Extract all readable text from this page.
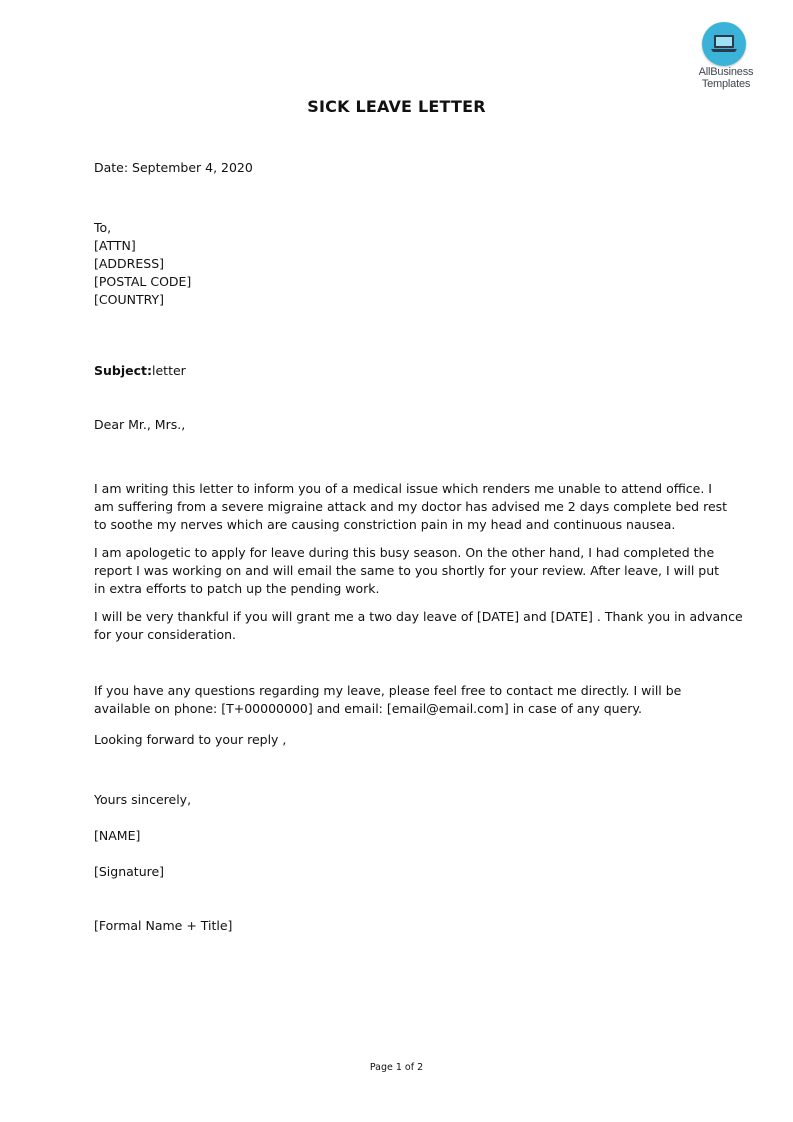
AllBusiness
Templates
SICK LEAVE LETTER
Date: September 4, 2020
To,
[ATTN]
[ADDRESS]
[POSTAL CODE]
[COUNTRY]
Subject:letter
Dear Mr., Mrs.,
I am writing this letter to inform you of a medical issue which renders me unable to attend office. I
am suffering from a severe migraine attack and my doctor has advised me 2 days complete bed rest
to soothe my nerves which are causing constriction pain in my head and continuous nausea.
I am apologetic to apply for leave during this busy season. On the other hand, I had completed the
report I was working on and will email the same to you shortly for your review. After leave, I will put
in extra efforts to patch up the pending work.
I will be very thankful if you will grant me a two day leave of [DATE] and [DATE] . Thank you in advance
for your consideration.
If you have any questions regarding my leave, please feel free to contact me directly. I will be
available on phone: [T+00000000] and email: [email@email.com] in case of any query.
Looking forward to your reply ,
Yours sincerely,
[NAME]
[Signature]
[Formal Name + Title]
Page 1 of 2
